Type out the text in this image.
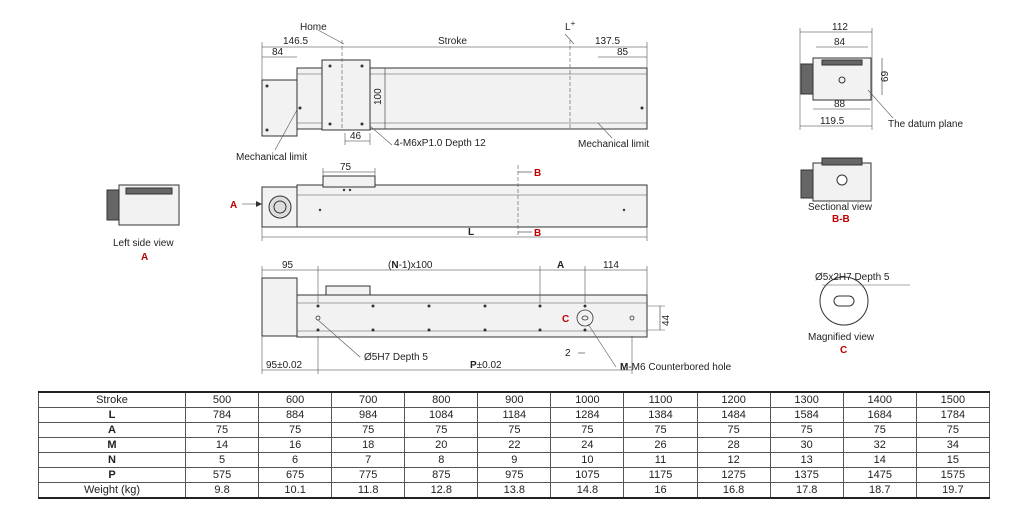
Home
Stroke
L+
146.5
84
137.5
85
100
46
4-M6xP1.0 Depth 12
Mechanical limit
Mechanical limit
112
84
69
88
119.5	The datum plane
Sectional view
B-B
75
A
B
B
L
Left side view
A
95	(N-1)x100	A	114
44
C
95±0.02
Ø5H7 Depth 5
P±0.02
2
M-M6 Counterbored hole
Ø5x2H7 Depth 5
Magnified view
C
Stroke	500	600	700	800	900	1000	1100	1200	1300	1400	1500
L	784	884	984	1084	1184	1284	1384	1484	1584	1684	1784
A	75	75	75	75	75	75	75	75	75	75	75
M	14	16	18	20	22	24	26	28	30	32	34
N	5	6	7	8	9	10	11	12	13	14	15
P	575	675	775	875	975	1075	1175	1275	1375	1475	1575
Weight (kg)	9.8	10.1	11.8	12.8	13.8	14.8	16	16.8	17.8	18.7	19.7
